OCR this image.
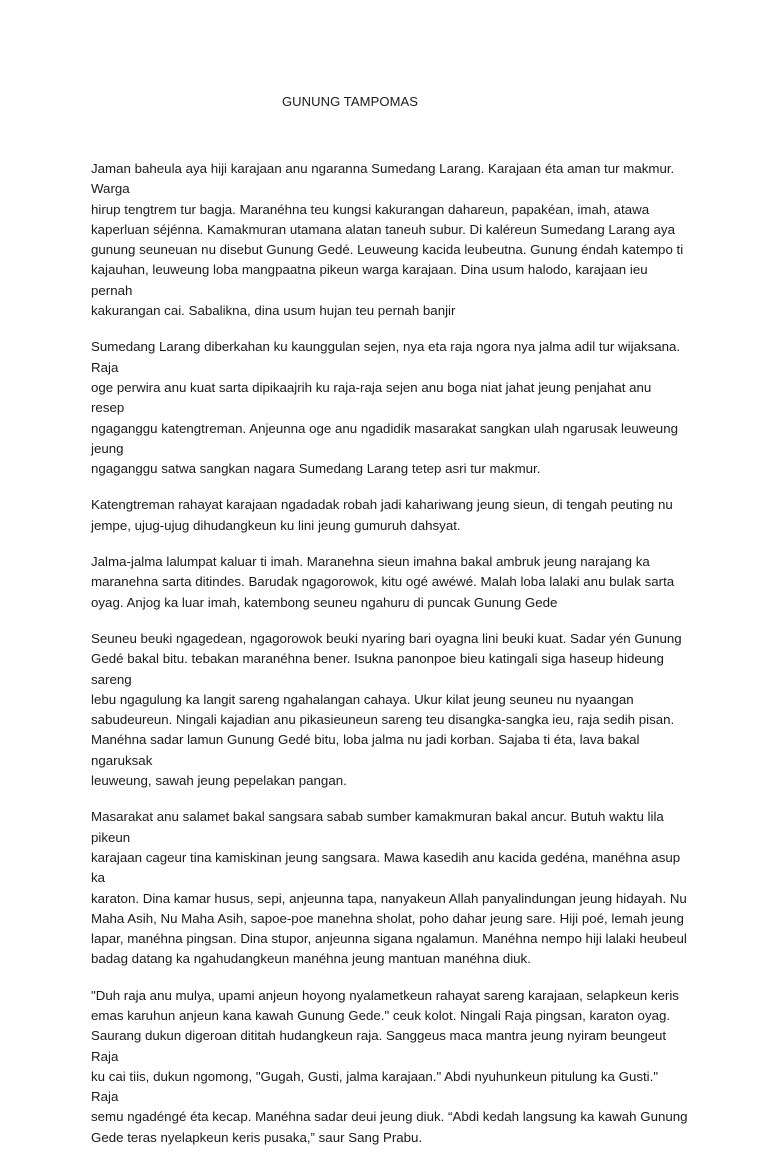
GUNUNG TAMPOMAS

Jaman baheula aya hiji karajaan anu ngaranna Sumedang Larang. Karajaan éta aman tur makmur. Warga
hirup tengtrem tur bagja. Maranéhna teu kungsi kakurangan dahareun, papakéan, imah, atawa
kaperluan séjénna. Kamakmuran utamana alatan taneuh subur. Di kaléreun Sumedang Larang aya
gunung seuneuan nu disebut Gunung Gedé. Leuweung kacida leubeutna. Gunung éndah katempo ti
kajauhan, leuweung loba mangpaatna pikeun warga karajaan. Dina usum halodo, karajaan ieu pernah
kakurangan cai. Sabalikna, dina usum hujan teu pernah banjir

Sumedang Larang diberkahan ku kaunggulan sejen, nya eta raja ngora nya jalma adil tur wijaksana. Raja
oge perwira anu kuat sarta dipikaajrih ku raja-raja sejen anu boga niat jahat jeung penjahat anu resep
ngaganggu katengtreman. Anjeunna oge anu ngadidik masarakat sangkan ulah ngarusak leuweung jeung
ngaganggu satwa sangkan nagara Sumedang Larang tetep asri tur makmur.

Katengtreman rahayat karajaan ngadadak robah jadi kahariwang jeung sieun, di tengah peuting nu
jempe, ujug-ujug dihudangkeun ku lini jeung gumuruh dahsyat.

Jalma-jalma lalumpat kaluar ti imah. Maranehna sieun imahna bakal ambruk jeung narajang ka
maranehna sarta ditindes. Barudak ngagorowok, kitu ogé awéwé. Malah loba lalaki anu bulak sarta
oyag. Anjog ka luar imah, katembong seuneu ngahuru di puncak Gunung Gede

Seuneu beuki ngagedean, ngagorowok beuki nyaring bari oyagna lini beuki kuat. Sadar yén Gunung
Gedé bakal bitu. tebakan maranéhna bener. Isukna panonpoe bieu katingali siga haseup hideung sareng
lebu ngagulung ka langit sareng ngahalangan cahaya. Ukur kilat jeung seuneu nu nyaangan
sabudeureun. Ningali kajadian anu pikasieuneun sareng teu disangka-sangka ieu, raja sedih pisan.
Manéhna sadar lamun Gunung Gedé bitu, loba jalma nu jadi korban. Sajaba ti éta, lava bakal ngaruksak
leuweung, sawah jeung pepelakan pangan.

Masarakat anu salamet bakal sangsara sabab sumber kamakmuran bakal ancur. Butuh waktu lila pikeun
karajaan cageur tina kamiskinan jeung sangsara. Mawa kasedih anu kacida gedéna, manéhna asup ka
karaton. Dina kamar husus, sepi, anjeunna tapa, nanyakeun Allah panyalindungan jeung hidayah. Nu
Maha Asih, Nu Maha Asih, sapoe-poe manehna sholat, poho dahar jeung sare. Hiji poé, lemah jeung
lapar, manéhna pingsan. Dina stupor, anjeunna sigana ngalamun. Manéhna nempo hiji lalaki heubeul
badag datang ka ngahudangkeun manéhna jeung mantuan manéhna diuk.

"Duh raja anu mulya, upami anjeun hoyong nyalametkeun rahayat sareng karajaan, selapkeun keris
emas karuhun anjeun kana kawah Gunung Gede." ceuk kolot. Ningali Raja pingsan, karaton oyag.
Saurang dukun digeroan dititah hudangkeun raja. Sanggeus maca mantra jeung nyiram beungeut Raja
ku cai tiis, dukun ngomong, "Gugah, Gusti, jalma karajaan." Abdi nyuhunkeun pitulung ka Gusti." Raja
semu ngadéngé éta kecap. Manéhna sadar deui jeung diuk. “Abdi kedah langsung ka kawah Gunung
Gede teras nyelapkeun keris pusaka,” saur Sang Prabu.
